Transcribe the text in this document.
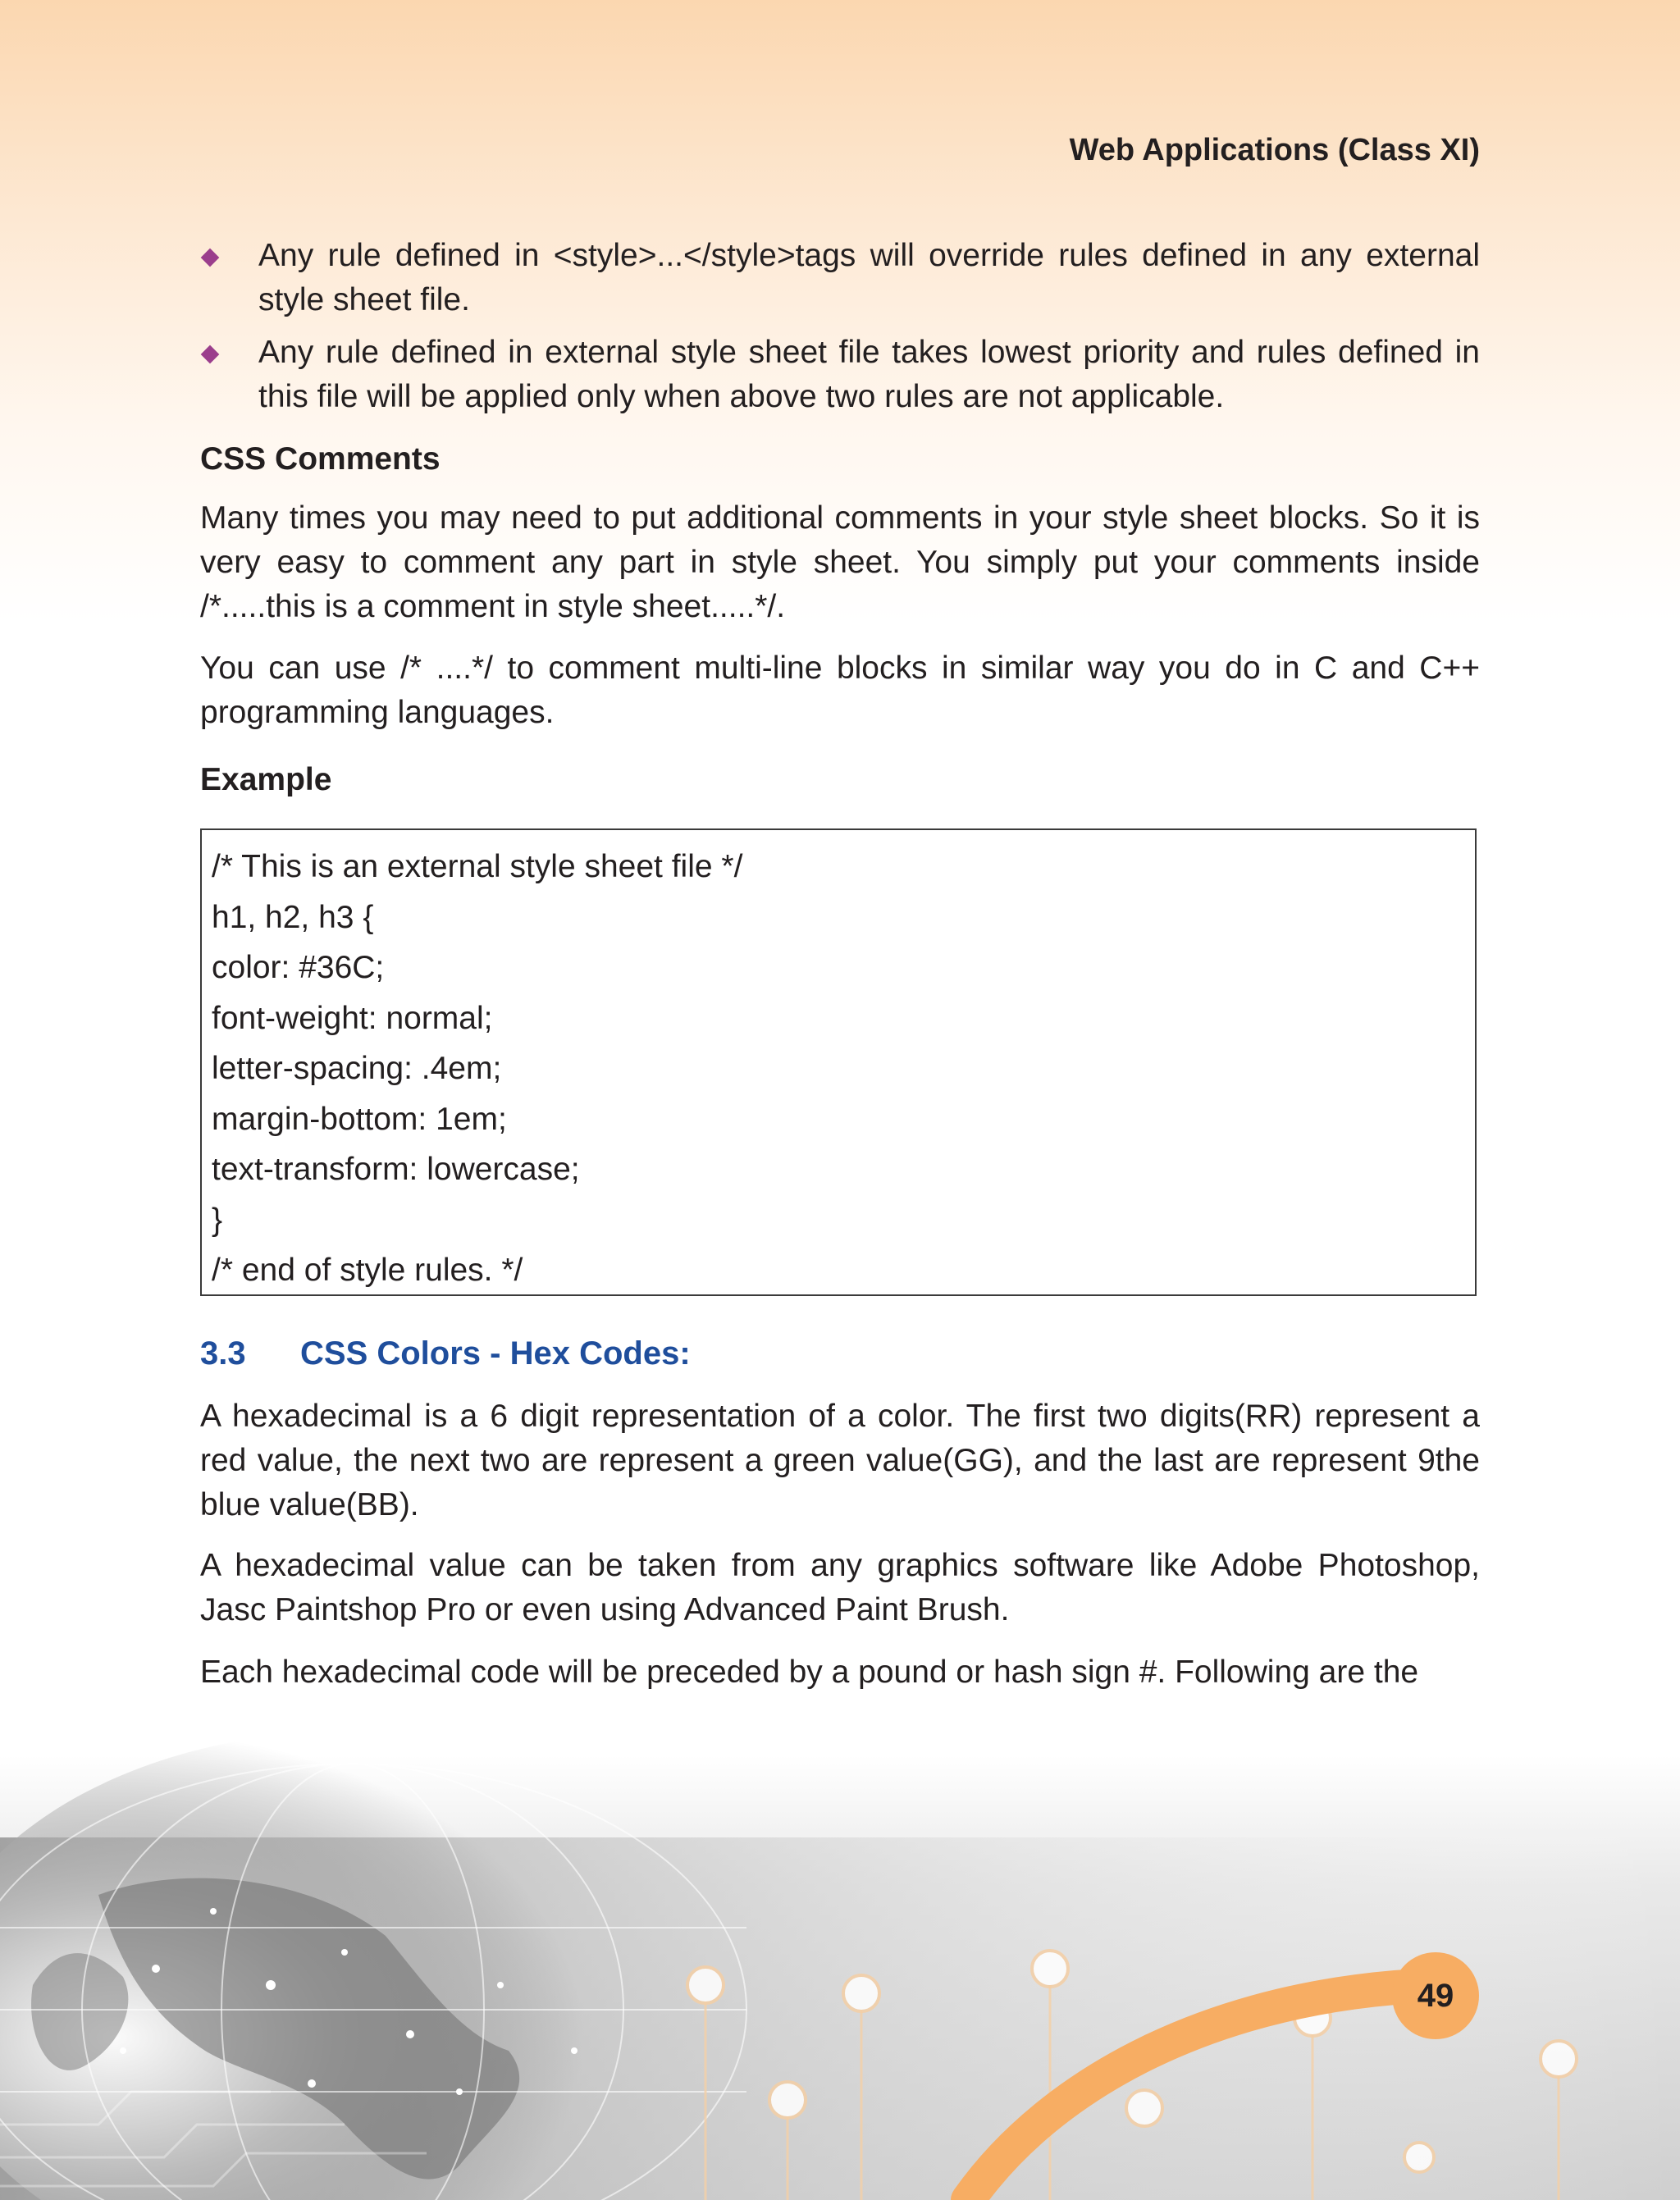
Web Applications (Class XI)
Any rule defined in <style>...</style>tags will override rules defined in any external style sheet file.
Any rule defined in external style sheet file takes lowest priority and rules defined in this file will be applied only when above two rules are not applicable.
CSS Comments

Many times you may need to put additional comments in your style sheet blocks. So it is very easy to comment any part in style sheet. You simply put your comments inside /*.....this is a comment in style sheet.....*/.

You can use /* ....*/ to comment multi-line blocks in similar way you do in C and C++ programming languages.

Example
/* This is an external style sheet file */
h1, h2, h3 {
color: #36C;
font-weight: normal;
letter-spacing: .4em;
margin-bottom: 1em;
text-transform: lowercase;
}
/* end of style rules. */
3.3 CSS Colors - Hex Codes:

A hexadecimal is a 6 digit representation of a color. The first two digits(RR) represent a red value, the next two are represent a green value(GG), and the last are represent 9the blue value(BB).

A hexadecimal value can be taken from any graphics software like Adobe Photoshop, Jasc Paintshop Pro or even using Advanced Paint Brush.

Each hexadecimal code will be preceded by a pound or hash sign #. Following are the

49
